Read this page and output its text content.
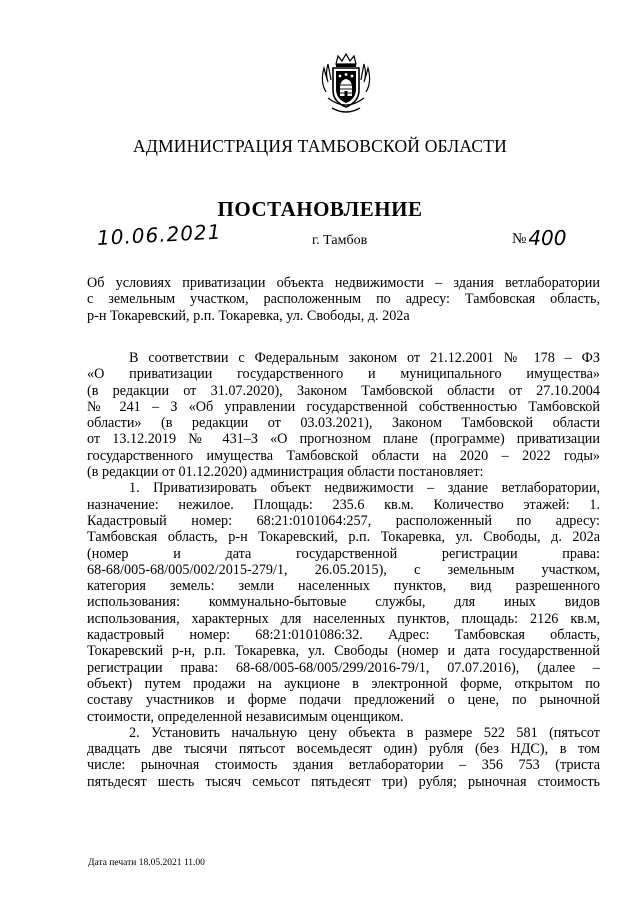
АДМИНИСТРАЦИЯ ТАМБОВСКОЙ ОБЛАСТИ
ПОСТАНОВЛЕНИЕ
10.06.2021	г. Тамбов	№ 400
Об условиях приватизации объекта недвижимости – здания ветлаборатории
с земельным участком, расположенным по адресу: Тамбовская область,
р-н Токаревский, р.п. Токаревка, ул. Свободы, д. 202а
В соответствии с Федеральным законом от 21.12.2001 № 178 – ФЗ
«О приватизации государственного и муниципального имущества»
(в редакции от 31.07.2020), Законом Тамбовской области от 27.10.2004
№ 241 – З «Об управлении государственной собственностью Тамбовской
области» (в редакции от 03.03.2021), Законом Тамбовской области
от 13.12.2019 № 431–З «О прогнозном плане (программе) приватизации
государственного имущества Тамбовской области на 2020 – 2022 годы»
(в редакции от 01.12.2020) администрация области постановляет:
1. Приватизировать объект недвижимости – здание ветлаборатории,
назначение: нежилое. Площадь: 235.6 кв.м. Количество этажей: 1.
Кадастровый номер: 68:21:0101064:257, расположенный по адресу:
Тамбовская область, р-н Токаревский, р.п. Токаревка, ул. Свободы, д. 202а
(номер и дата государственной регистрации права:
68-68/005-68/005/002/2015-279/1, 26.05.2015), с земельным участком,
категория земель: земли населенных пунктов, вид разрешенного
использования: коммунально-бытовые службы, для иных видов
использования, характерных для населенных пунктов, площадь: 2126 кв.м,
кадастровый номер: 68:21:0101086:32. Адрес: Тамбовская область,
Токаревский р-н, р.п. Токаревка, ул. Свободы (номер и дата государственной
регистрации права: 68-68/005-68/005/299/2016-79/1, 07.07.2016), (далее –
объект) путем продажи на аукционе в электронной форме, открытом по
составу участников и форме подачи предложений о цене, по рыночной
стоимости, определенной независимым оценщиком.
2. Установить начальную цену объекта в размере 522 581 (пятьсот
двадцать две тысячи пятьсот восемьдесят один) рубля (без НДС), в том
числе: рыночная стоимость здания ветлаборатории – 356 753 (триста
пятьдесят шесть тысяч семьсот пятьдесят три) рубля; рыночная стоимость
Дата печати 18.05.2021 11.00
